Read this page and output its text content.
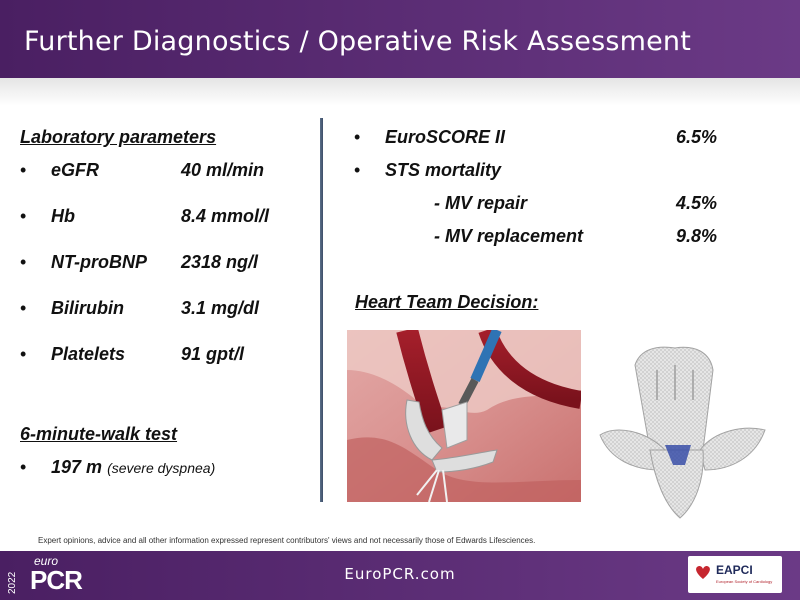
Further Diagnostics / Operative Risk Assessment
Laboratory parameters
• eGFR	40 ml/min
• Hb	8.4 mmol/l
• NT-proBNP 2318 ng/l
• Bilirubin	3.1 mg/dl
• Platelets	91 gpt/l
6-minute-walk test
• 197 m (severe dyspnea)
• EuroSCORE II	6.5%
• STS mortality
- MV repair	4.5%
- MV replacement	9.8%
Heart Team Decision:
Expert opinions, advice and all other information expressed represent contributors' views and not necessarily those of Edwards Lifesciences.
2022
euro
PCR	EuroPCR.com	EAPCI
European Society of Cardiology
